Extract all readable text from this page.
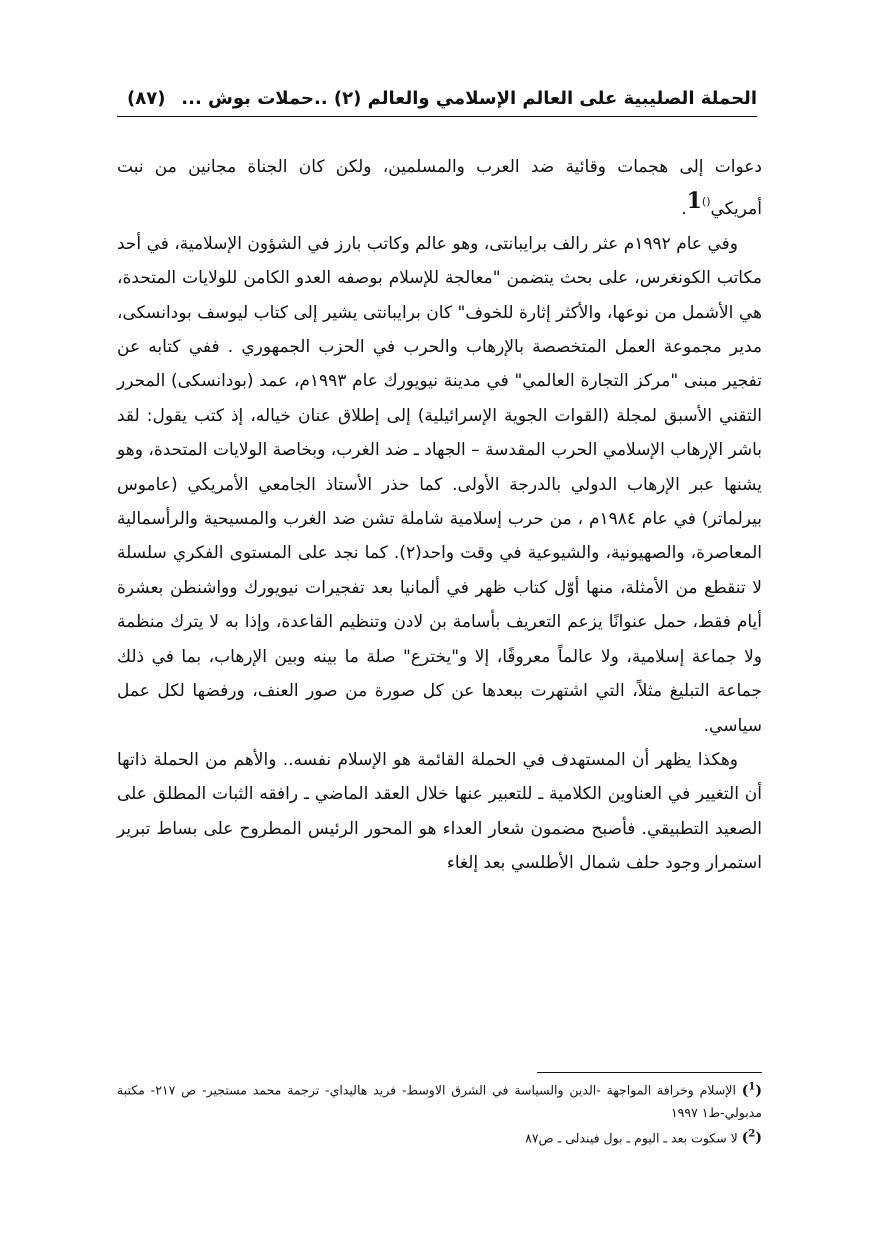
الحملة الصليبية على العالم الإسلامي والعالم (٢) ..حملات بوش ...
(٨٧)

دعوات إلى هجمات وقائية ضد العرب والمسلمين، ولكن كان الجناة مجانين من نبت أمريكي()1.

وفي عام ١٩٩٢م عثر رالف برايبانتى، وهو عالم وكاتب بارز في الشؤون الإسلامية، في أحد مكاتب الكونغرس، على بحث يتضمن "معالجة للإسلام بوصفه العدو الكامن للولايات المتحدة، هي الأشمل من نوعها، والأكثر إثارة للخوف" كان برايبانتى يشير إلى كتاب ليوسف بودانسكى، مدير مجموعة العمل المتخصصة بالإرهاب والحرب في الحزب الجمهوري . ففي كتابه عن تفجير مبنى "مركز التجارة العالمي" في مدينة نيويورك عام ١٩٩٣م، عمد (بودانسكى) المحرر التقني الأسبق لمجلة (القوات الجوية الإسرائيلية) إلى إطلاق عنان خياله، إذ كتب يقول: لقد باشر الإرهاب الإسلامي الحرب المقدسة – الجهاد ـ ضد الغرب، وبخاصة الولايات المتحدة، وهو يشنها عبر الإرهاب الدولي بالدرجة الأولى. كما حذر الأستاذ الجامعي الأمريكي (عاموس بيرلماتر) في عام ١٩٨٤م ، من حرب إسلامية شاملة تشن ضد الغرب والمسيحية والرأسمالية المعاصرة، والصهيونية، والشيوعية في وقت واحد(٢). كما نجد على المستوى الفكري سلسلة لا تنقطع من الأمثلة، منها أوّل كتاب ظهر في ألمانيا بعد تفجيرات نيويورك وواشنطن بعشرة أيام فقط، حمل عنوانًا يزعم التعريف بأسامة بن لادن وتنظيم القاعدة، وإذا به لا يترك منظمة ولا جماعة إسلامية، ولا عالماً معروفًا، إلا و"يخترع" صلة ما بينه وبين الإرهاب، بما في ذلك جماعة التبليغ مثلاً، التي اشتهرت ببعدها عن كل صورة من صور العنف، ورفضها لكل عمل سياسي.

وهكذا يظهر أن المستهدف في الحملة القائمة هو الإسلام نفسه.. والأهم من الحملة ذاتها أن التغيير في العناوين الكلامية ـ للتعبير عنها خلال العقد الماضي ـ رافقه الثبات المطلق على الصعيد التطبيقي. فأصبح مضمون شعار العداء هو المحور الرئيس المطروح على بساط تبرير استمرار وجود حلف شمال الأطلسي بعد إلغاء

($^1$) الإسلام وخرافة المواجهة -الدين والسياسة في الشرق الاوسط- فريد هاليداي- ترجمة محمد مستجير- ص ٢١٧- مكتبة مدبولي-ط١ ١٩٩٧

($^2$) لا سكوت بعد ـ اليوم ـ بول فيندلى ـ ص٨٧
